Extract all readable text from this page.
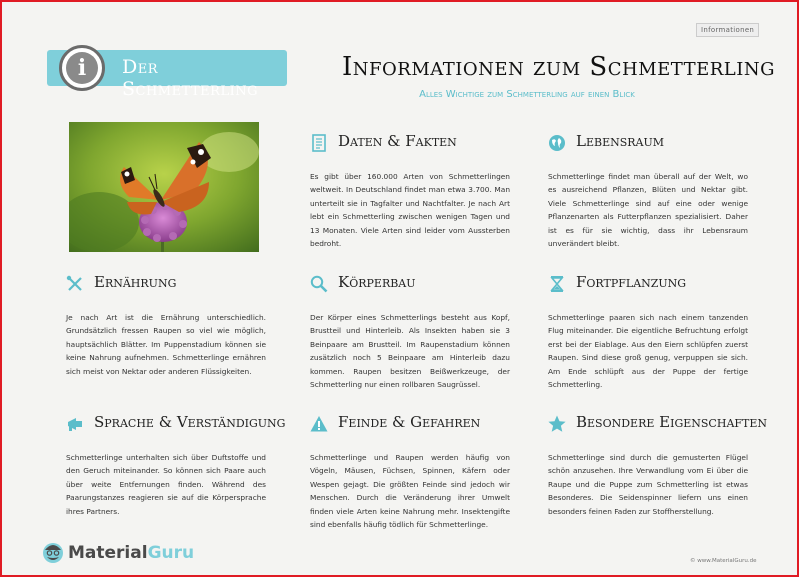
Informationen
Der Schmetterling
i	Informationen zum Schmetterling
Alles Wichtige zum Schmetterling auf einen Blick
Daten & Fakten
Es gibt über 160.000 Arten von Schmetterlingen weltweit. In Deutschland findet man etwa 3.700. Man unterteilt sie in Tagfalter und Nachtfalter. Je nach Art lebt ein Schmetterling zwischen wenigen Tagen und 13 Monaten. Viele Arten sind leider vom Aussterben bedroht.
Lebensraum
Schmetterlinge findet man überall auf der Welt, wo es ausreichend Pflanzen, Blüten und Nektar gibt. Viele Schmetterlinge sind auf eine oder wenige Pflanzenarten als Futterpflanzen spezialisiert. Daher ist es für sie wichtig, dass ihr Lebensraum unverändert bleibt.
Ernährung
Je nach Art ist die Ernährung unterschiedlich. Grundsätzlich fressen Raupen so viel wie möglich, hauptsächlich Blätter. Im Puppenstadium können sie keine Nahrung aufnehmen. Schmetterlinge ernähren sich meist von Nektar oder anderen Flüssigkeiten.
Körperbau
Der Körper eines Schmetterlings besteht aus Kopf, Brustteil und Hinterleib. Als Insekten haben sie 3 Beinpaare am Brustteil. Im Raupenstadium können zusätzlich noch 5 Beinpaare am Hinterleib dazu kommen. Raupen besitzen Beißwerkzeuge, der Schmetterling nur einen rollbaren Saugrüssel.
Fortpflanzung
Schmetterlinge paaren sich nach einem tanzenden Flug miteinander. Die eigentliche Befruchtung erfolgt erst bei der Eiablage. Aus den Eiern schlüpfen zuerst Raupen. Sind diese groß genug, verpuppen sie sich. Am Ende schlüpft aus der Puppe der fertige Schmetterling.
Sprache & Verständigung
Schmetterlinge unterhalten sich über Duftstoffe und den Geruch miteinander. So können sich Paare auch über weite Entfernungen finden. Während des Paarungstanzes reagieren sie auf die Körpersprache ihres Partners.
Feinde & Gefahren
Schmetterlinge und Raupen werden häufig von Vögeln, Mäusen, Füchsen, Spinnen, Käfern oder Wespen gejagt. Die größten Feinde sind jedoch wir Menschen. Durch die Veränderung ihrer Umwelt finden viele Arten keine Nahrung mehr. Insektengifte sind ebenfalls häufig tödlich für Schmetterlinge.
Besondere Eigenschaften
Schmetterlinge sind durch die gemusterten Flügel schön anzusehen. Ihre Verwandlung vom Ei über die Raupe und die Puppe zum Schmetterling ist etwas Besonderes. Die Seidenspinner liefern uns einen besonders feinen Faden zur Stoffherstellung.
MaterialGuru	© www.MaterialGuru.de
